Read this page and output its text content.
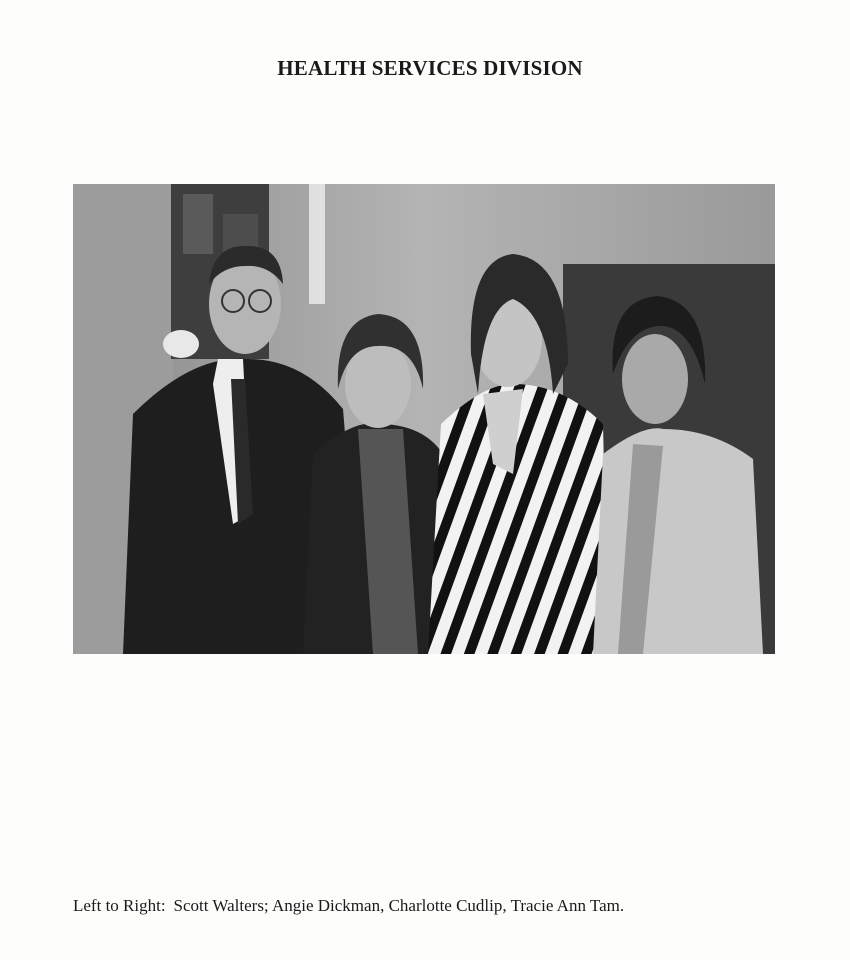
HEALTH SERVICES DIVISION
Left to Right: Scott Walters; Angie Dickman, Charlotte Cudlip, Tracie Ann Tam.
